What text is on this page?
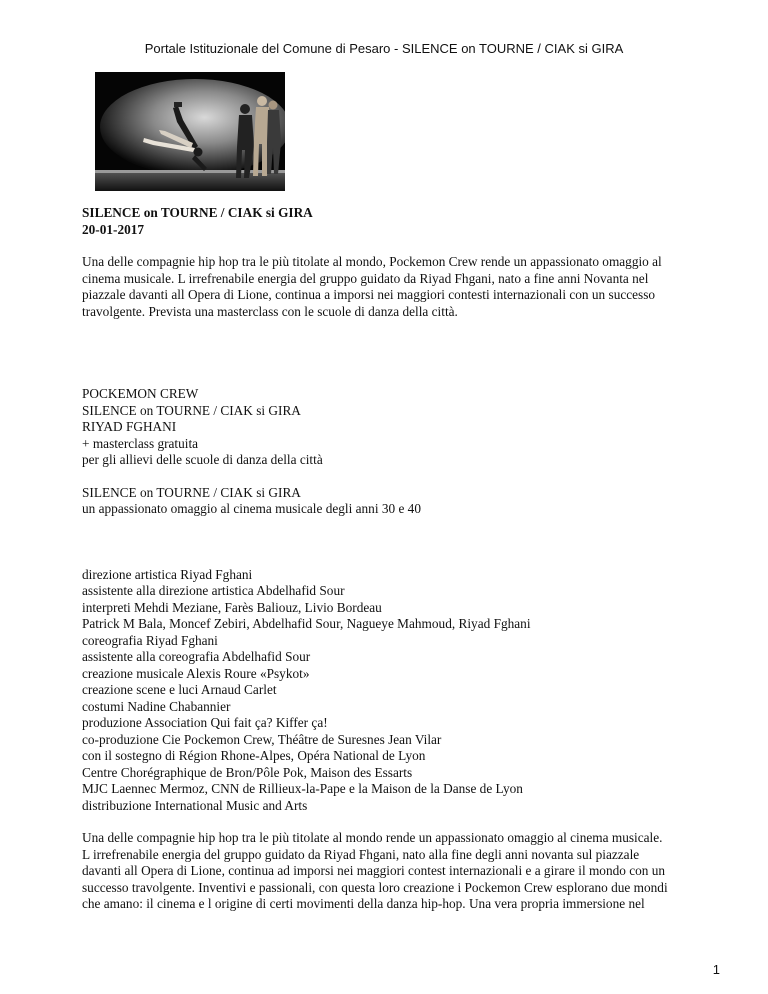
Portale Istituzionale del Comune di Pesaro - SILENCE on TOURNE / CIAK si GIRA
SILENCE on TOURNE / CIAK si GIRA
20-01-2017
Una delle compagnie hip hop tra le più titolate al mondo, Pockemon Crew rende un appassionato omaggio al
cinema musicale. L irrefrenabile energia del gruppo guidato da Riyad Fhgani, nato a fine anni Novanta nel
piazzale davanti all Opera di Lione, continua a imporsi nei maggiori contesti internazionali con un successo
travolgente. Prevista una masterclass con le scuole di danza della città.
POCKEMON CREW
SILENCE on TOURNE / CIAK si GIRA
RIYAD FGHANI
+ masterclass gratuita
per gli allievi delle scuole di danza della città
SILENCE on TOURNE / CIAK si GIRA
un appassionato omaggio al cinema musicale degli anni 30 e 40
direzione artistica Riyad Fghani
assistente alla direzione artistica Abdelhafid Sour
interpreti Mehdi Meziane, Farès Baliouz, Livio Bordeau
Patrick M Bala, Moncef Zebiri, Abdelhafid Sour, Nagueye Mahmoud, Riyad Fghani
coreografia Riyad Fghani
assistente alla coreografia Abdelhafid Sour
creazione musicale Alexis Roure «Psykot»
creazione scene e luci Arnaud Carlet
costumi Nadine Chabannier
produzione Association Qui fait ça? Kiffer ça!
co-produzione Cie Pockemon Crew, Théâtre de Suresnes Jean Vilar
con il sostegno di Région Rhone-Alpes, Opéra National de Lyon
Centre Chorégraphique de Bron/Pôle Pok, Maison des Essarts
MJC Laennec Mermoz, CNN de Rillieux-la-Pape e la Maison de la Danse de Lyon
distribuzione International Music and Arts
Una delle compagnie hip hop tra le più titolate al mondo rende un appassionato omaggio al cinema musicale.
L irrefrenabile energia del gruppo guidato da Riyad Fhgani, nato alla fine degli anni novanta sul piazzale
davanti all Opera di Lione, continua ad imporsi nei maggiori contest internazionali e a girare il mondo con un
successo travolgente. Inventivi e passionali, con questa loro creazione i Pockemon Crew esplorano due mondi
che amano: il cinema e l origine di certi movimenti della danza hip-hop. Una vera propria immersione nel
1
